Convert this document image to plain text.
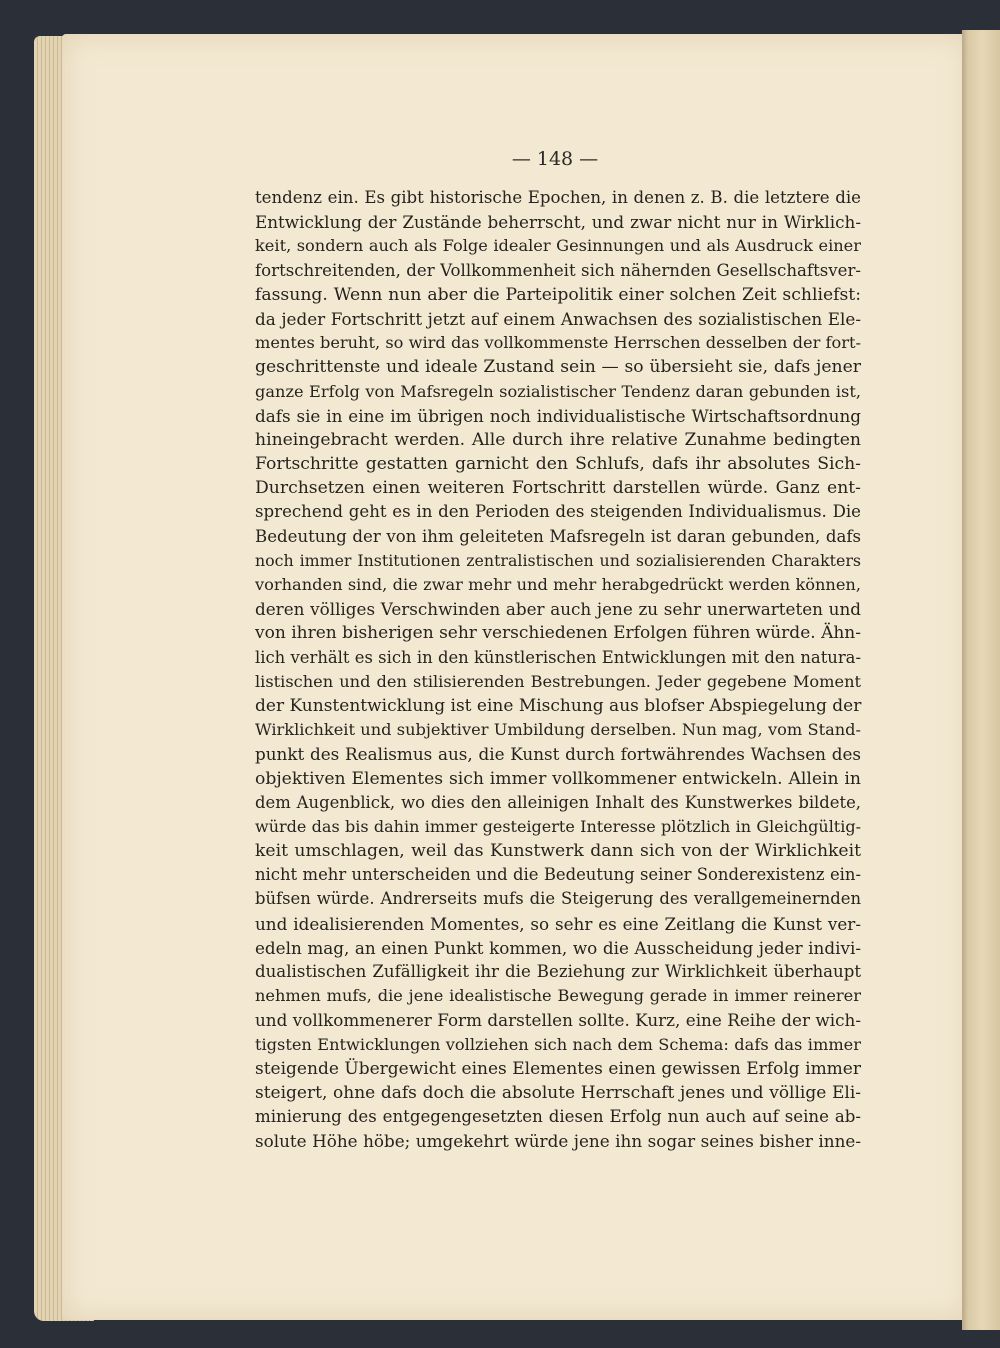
— 148 —
tendenz ein. Es gibt historische Epochen, in denen z. B. die letztere die
Entwicklung der Zustände beherrscht, und zwar nicht nur in Wirklich-
keit, sondern auch als Folge idealer Gesinnungen und als Ausdruck einer
fortschreitenden, der Vollkommenheit sich nähernden Gesellschaftsver-
fassung. Wenn nun aber die Parteipolitik einer solchen Zeit schliefst:
da jeder Fortschritt jetzt auf einem Anwachsen des sozialistischen Ele-
mentes beruht, so wird das vollkommenste Herrschen desselben der fort-
geschrittenste und ideale Zustand sein — so übersieht sie, dafs jener
ganze Erfolg von Mafsregeln sozialistischer Tendenz daran gebunden ist,
dafs sie in eine im übrigen noch individualistische Wirtschaftsordnung
hineingebracht werden. Alle durch ihre relative Zunahme bedingten
Fortschritte gestatten garnicht den Schlufs, dafs ihr absolutes Sich-
Durchsetzen einen weiteren Fortschritt darstellen würde. Ganz ent-
sprechend geht es in den Perioden des steigenden Individualismus. Die
Bedeutung der von ihm geleiteten Mafsregeln ist daran gebunden, dafs
noch immer Institutionen zentralistischen und sozialisierenden Charakters
vorhanden sind, die zwar mehr und mehr herabgedrückt werden können,
deren völliges Verschwinden aber auch jene zu sehr unerwarteten und
von ihren bisherigen sehr verschiedenen Erfolgen führen würde. Ähn-
lich verhält es sich in den künstlerischen Entwicklungen mit den natura-
listischen und den stilisierenden Bestrebungen. Jeder gegebene Moment
der Kunstentwicklung ist eine Mischung aus blofser Abspiegelung der
Wirklichkeit und subjektiver Umbildung derselben. Nun mag, vom Stand-
punkt des Realismus aus, die Kunst durch fortwährendes Wachsen des
objektiven Elementes sich immer vollkommener entwickeln. Allein in
dem Augenblick, wo dies den alleinigen Inhalt des Kunstwerkes bildete,
würde das bis dahin immer gesteigerte Interesse plötzlich in Gleichgültig-
keit umschlagen, weil das Kunstwerk dann sich von der Wirklichkeit
nicht mehr unterscheiden und die Bedeutung seiner Sonderexistenz ein-
büfsen würde. Andrerseits mufs die Steigerung des verallgemeinernden
und idealisierenden Momentes, so sehr es eine Zeitlang die Kunst ver-
edeln mag, an einen Punkt kommen, wo die Ausscheidung jeder indivi-
dualistischen Zufälligkeit ihr die Beziehung zur Wirklichkeit überhaupt
nehmen mufs, die jene idealistische Bewegung gerade in immer reinerer
und vollkommenerer Form darstellen sollte. Kurz, eine Reihe der wich-
tigsten Entwicklungen vollziehen sich nach dem Schema: dafs das immer
steigende Übergewicht eines Elementes einen gewissen Erfolg immer
steigert, ohne dafs doch die absolute Herrschaft jenes und völlige Eli-
minierung des entgegengesetzten diesen Erfolg nun auch auf seine ab-
solute Höhe höbe; umgekehrt würde jene ihn sogar seines bisher inne-
